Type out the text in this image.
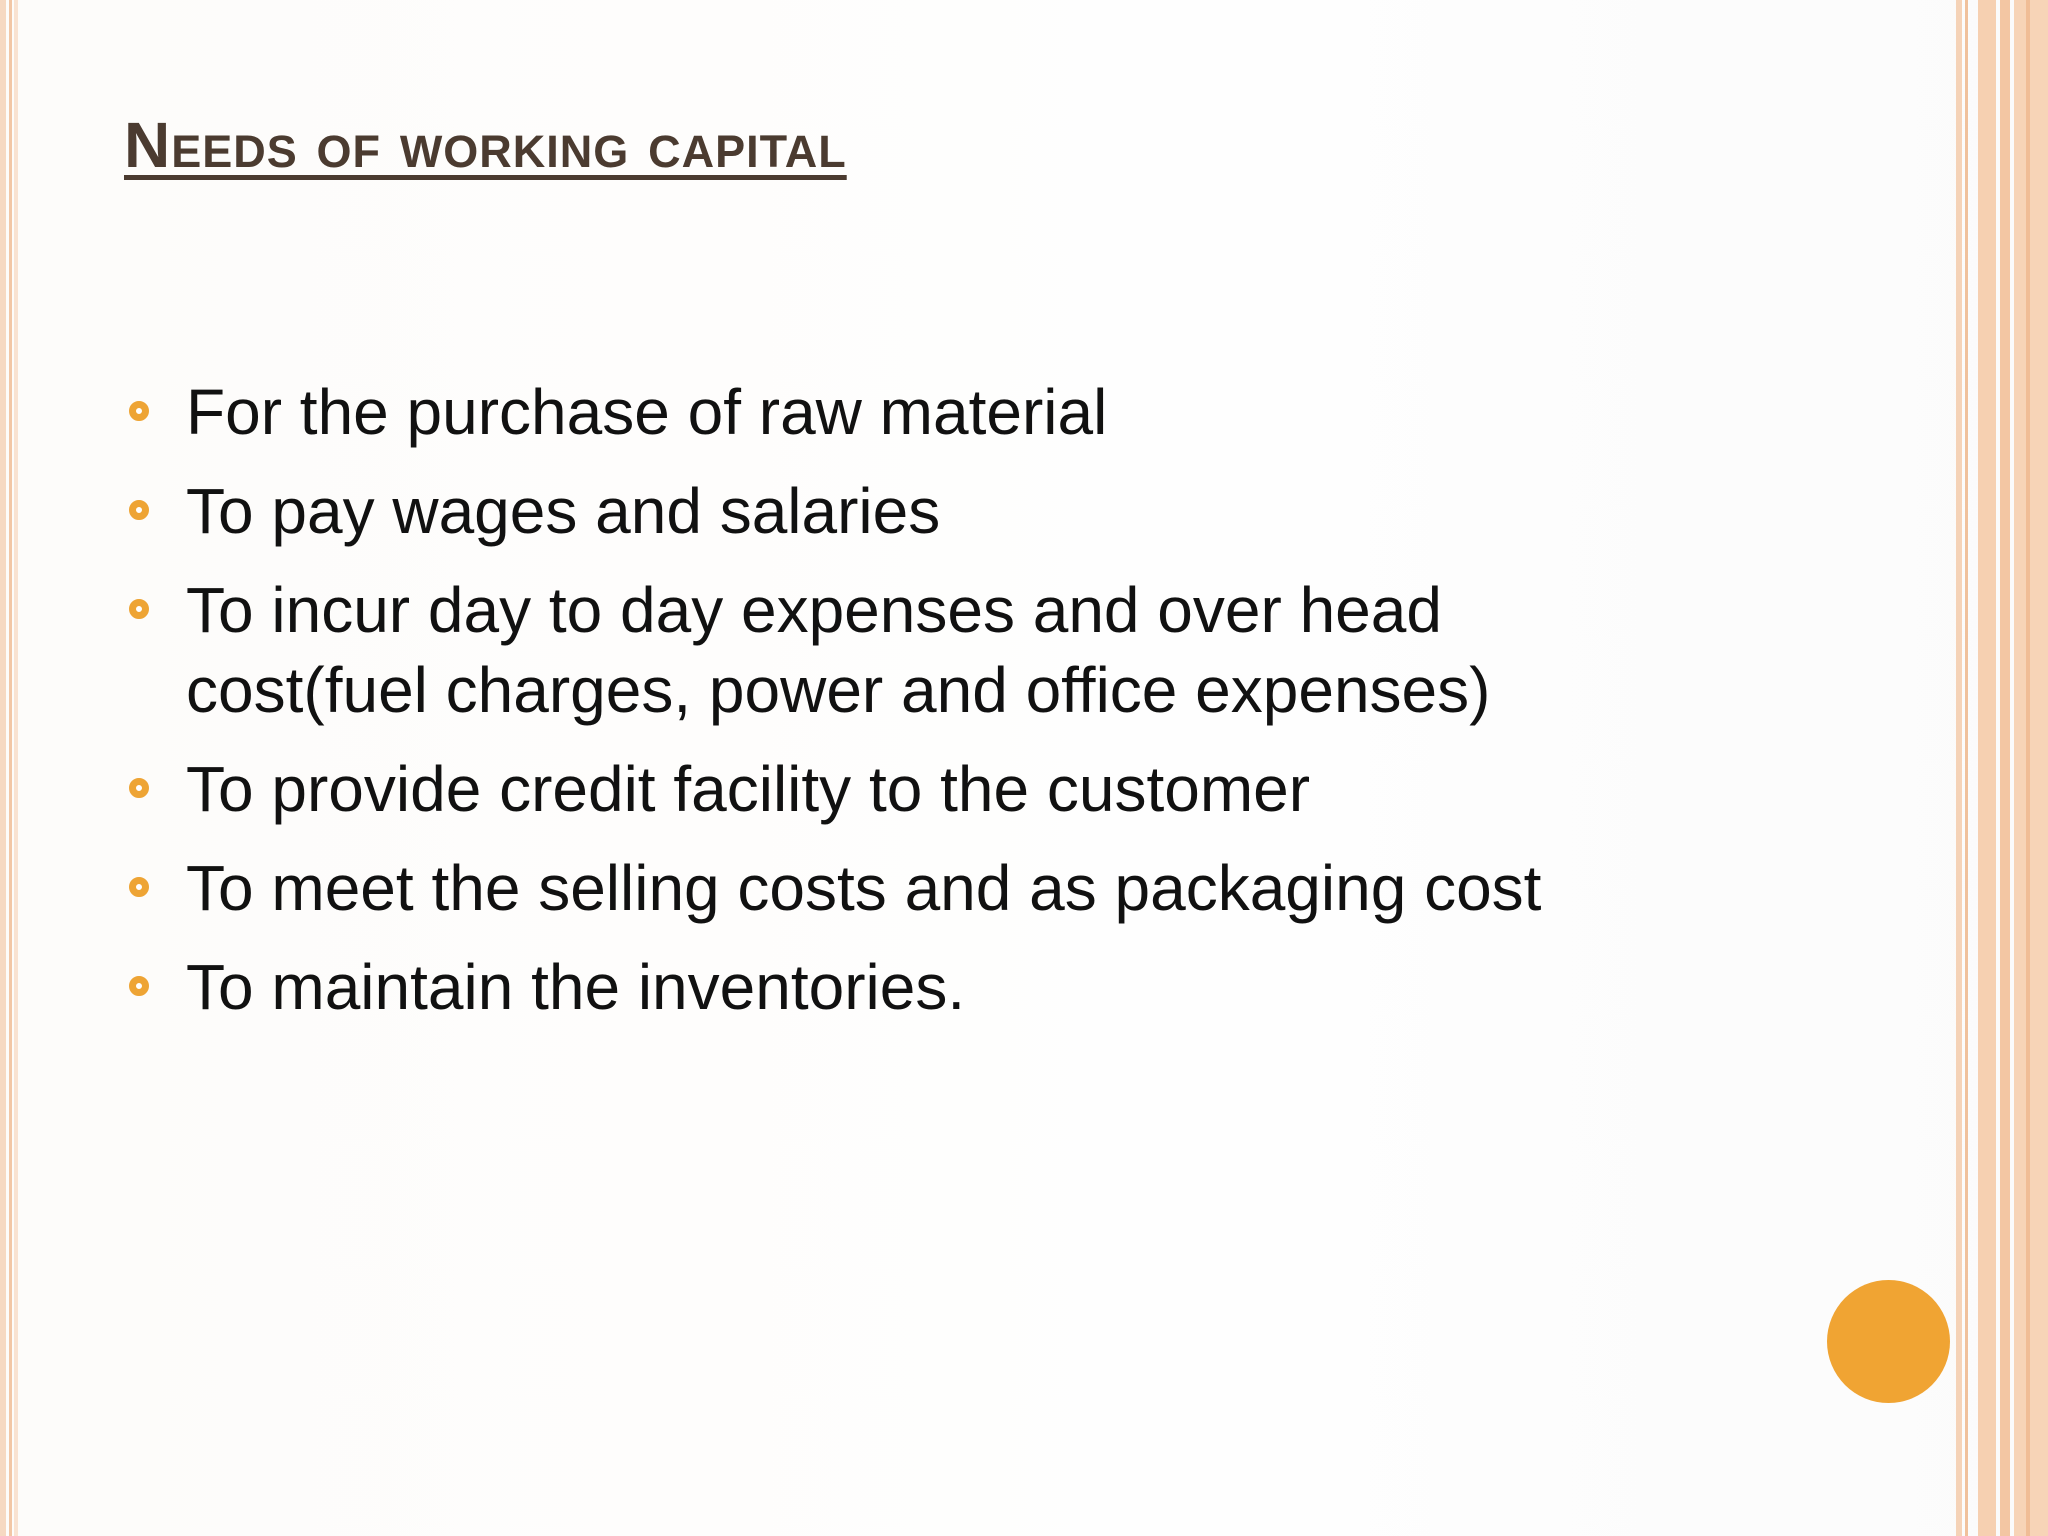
Needs of working capital
For the purchase of raw material
To pay wages and salaries
To incur day to day expenses and over head cost(fuel charges, power and office expenses)
To provide credit facility to the customer
To meet the selling costs and as packaging cost
To maintain the inventories.
